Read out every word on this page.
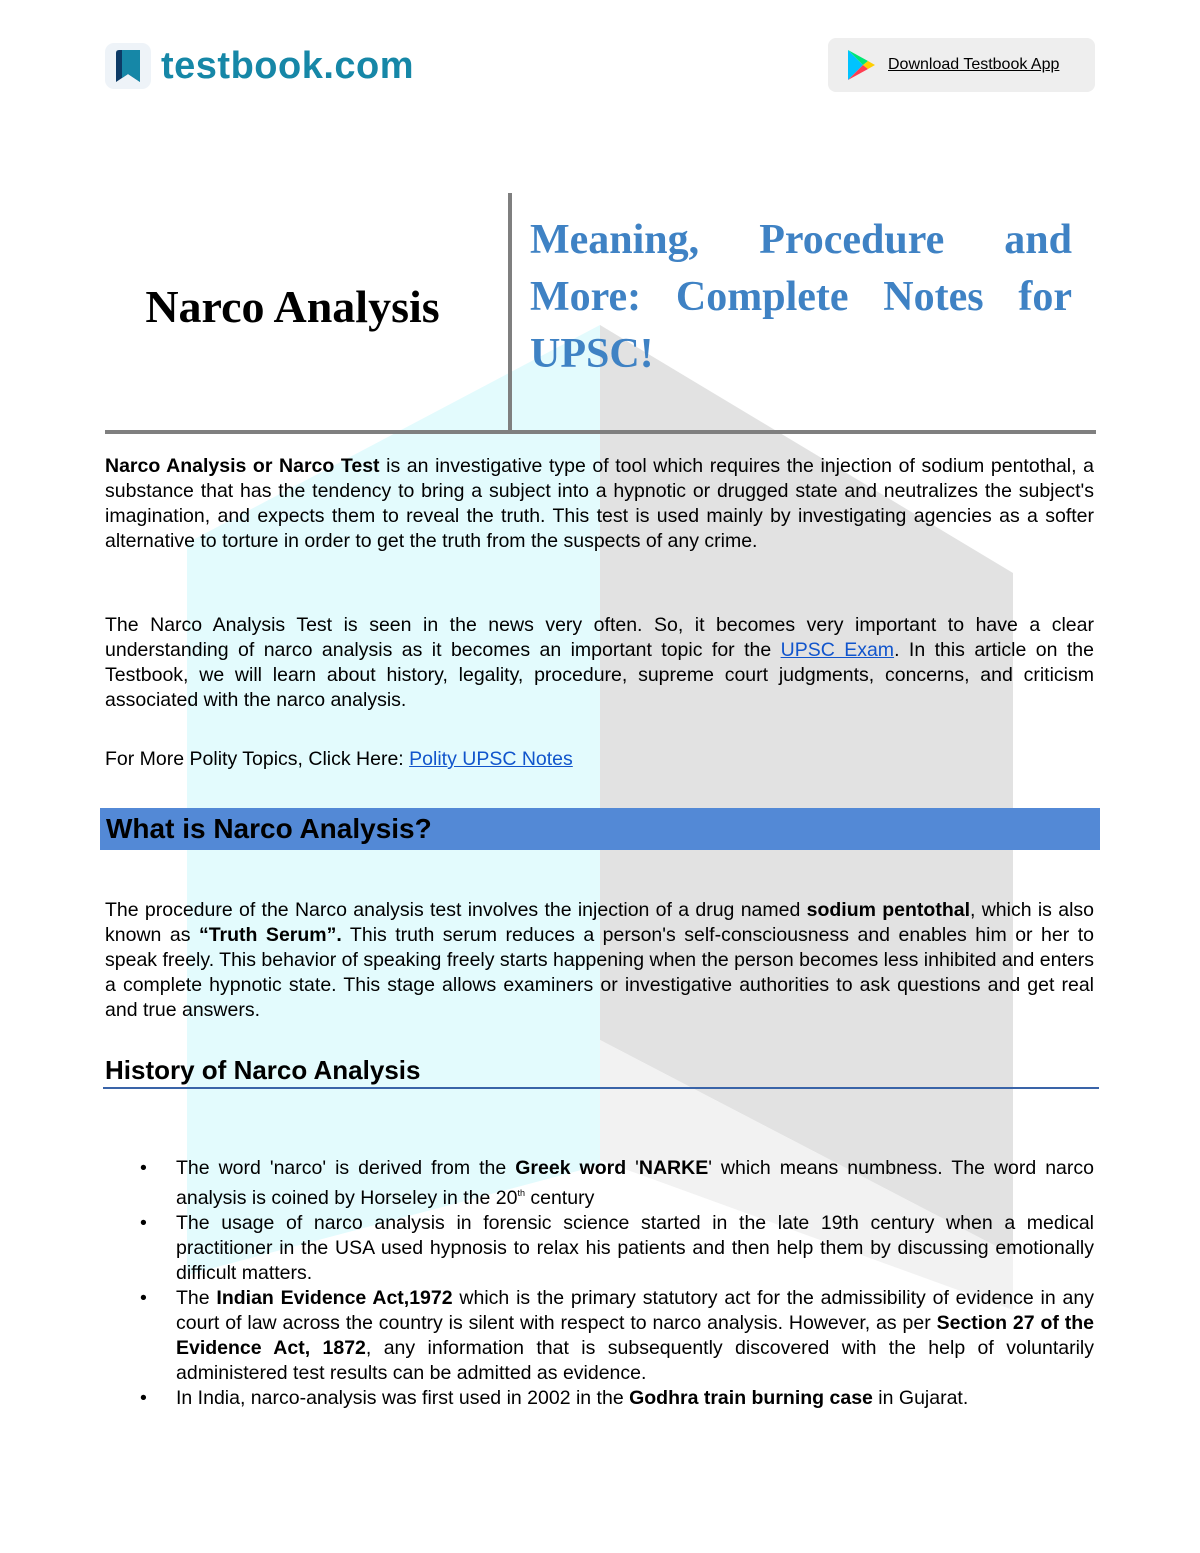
testbook.com	Download Testbook App
Narco Analysis
Meaning, Procedure and More: Complete Notes for UPSC!

Narco Analysis or Narco Test is an investigative type of tool which requires the injection of sodium pentothal, a substance that has the tendency to bring a subject into a hypnotic or drugged state and neutralizes the subject's imagination, and expects them to reveal the truth. This test is used mainly by investigating agencies as a softer alternative to torture in order to get the truth from the suspects of any crime.

The Narco Analysis Test is seen in the news very often. So, it becomes very important to have a clear understanding of narco analysis as it becomes an important topic for the UPSC Exam. In this article on the Testbook, we will learn about history, legality, procedure, supreme court judgments, concerns, and criticism associated with the narco analysis.

For More Polity Topics, Click Here: Polity UPSC Notes

What is Narco Analysis?

The procedure of the Narco analysis test involves the injection of a drug named sodium pentothal, which is also known as “Truth Serum”. This truth serum reduces a person's self-consciousness and enables him or her to speak freely. This behavior of speaking freely starts happening when the person becomes less inhibited and enters a complete hypnotic state. This stage allows examiners or investigative authorities to ask questions and get real and true answers.

History of Narco Analysis
• The word 'narco' is derived from the Greek word 'NARKE' which means numbness. The word narco analysis is coined by Horseley in the 20th century
• The usage of narco analysis in forensic science started in the late 19th century when a medical practitioner in the USA used hypnosis to relax his patients and then help them by discussing emotionally difficult matters.
• The Indian Evidence Act,1972 which is the primary statutory act for the admissibility of evidence in any court of law across the country is silent with respect to narco analysis. However, as per Section 27 of the Evidence Act, 1872, any information that is subsequently discovered with the help of voluntarily administered test results can be admitted as evidence.
• In India, narco-analysis was first used in 2002 in the Godhra train burning case in Gujarat.
